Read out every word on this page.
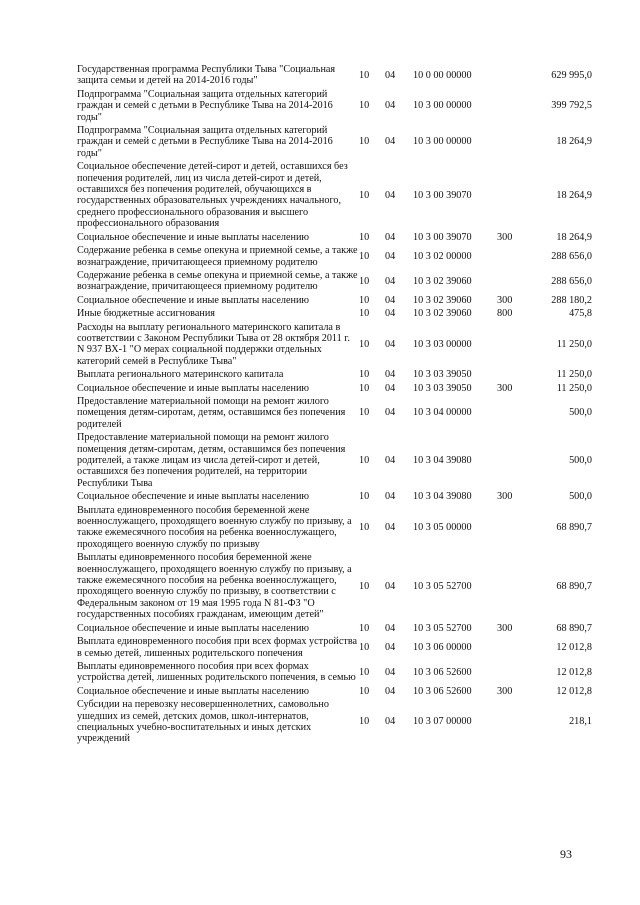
Государственная программа Республики Тыва "Социальная защита семьи и детей на 2014-2016 годы"	10	04	10 0 00 00000		629 995,0
Подпрограмма "Социальная защита отдельных категорий граждан и семей с детьми в Республике Тыва на 2014-2016 годы"	10	04	10 3 00 00000		399 792,5
Подпрограмма "Социальная защита отдельных категорий граждан и семей с детьми в Республике Тыва на 2014-2016 годы"	10	04	10 3 00 00000		18 264,9
Социальное обеспечение детей-сирот и детей, оставшихся без попечения родителей, лиц из числа детей-сирот и детей, оставшихся без попечения родителей, обучающихся в государственных образовательных учреждениях начального, среднего профессионального образования и высшего профессионального образования	10	04	10 3 00 39070		18 264,9
Социальное обеспечение и иные выплаты населению	10	04	10 3 00 39070	300	18 264,9
Содержание ребенка в семье опекуна и приемной семье, а также вознаграждение, причитающееся приемному родителю	10	04	10 3 02 00000		288 656,0
Содержание ребенка в семье опекуна и приемной семье, а также вознаграждение, причитающееся приемному родителю	10	04	10 3 02 39060		288 656,0
Социальное обеспечение и иные выплаты населению	10	04	10 3 02 39060	300	288 180,2
Иные бюджетные ассигнования	10	04	10 3 02 39060	800	475,8
Расходы на выплату регионального материнского капитала в соответствии с Законом Республики Тыва от 28 октября 2011 г. N 937 ВХ-1 "О мерах социальной поддержки отдельных категорий семей в Республике Тыва"	10	04	10 3 03 00000		11 250,0
Выплата регионального материнского капитала	10	04	10 3 03 39050		11 250,0
Социальное обеспечение и иные выплаты населению	10	04	10 3 03 39050	300	11 250,0
Предоставление материальной помощи на ремонт жилого помещения детям-сиротам, детям, оставшимся без попечения родителей	10	04	10 3 04 00000		500,0
Предоставление материальной помощи на ремонт жилого помещения детям-сиротам, детям, оставшимся без попечения родителей, а также лицам из числа детей-сирот и детей, оставшихся без попечения родителей, на территории Республики Тыва	10	04	10 3 04 39080		500,0
Социальное обеспечение и иные выплаты населению	10	04	10 3 04 39080	300	500,0
Выплата единовременного пособия беременной жене военнослужащего, проходящего военную службу по призыву, а также ежемесячного пособия на ребенка военнослужащего, проходящего военную службу по призыву	10	04	10 3 05 00000		68 890,7
Выплаты единовременного пособия беременной жене военнослужащего, проходящего военную службу по призыву, а также ежемесячного пособия на ребенка военнослужащего, проходящего военную службу по призыву, в соответствии с Федеральным законом от 19 мая 1995 года N 81-ФЗ "О государственных пособиях гражданам, имеющим детей"	10	04	10 3 05 52700		68 890,7
Социальное обеспечение и иные выплаты населению	10	04	10 3 05 52700	300	68 890,7
Выплата единовременного пособия при всех формах устройства в семью детей, лишенных родительского попечения	10	04	10 3 06 00000		12 012,8
Выплаты единовременного пособия при всех формах устройства детей, лишенных родительского попечения, в семью	10	04	10 3 06 52600		12 012,8
Социальное обеспечение и иные выплаты населению	10	04	10 3 06 52600	300	12 012,8
Субсидии на перевозку несовершеннолетних, самовольно ушедших из семей, детских домов, школ-интернатов, специальных учебно-воспитательных и иных детских учреждений	10	04	10 3 07 00000		218,1
93
